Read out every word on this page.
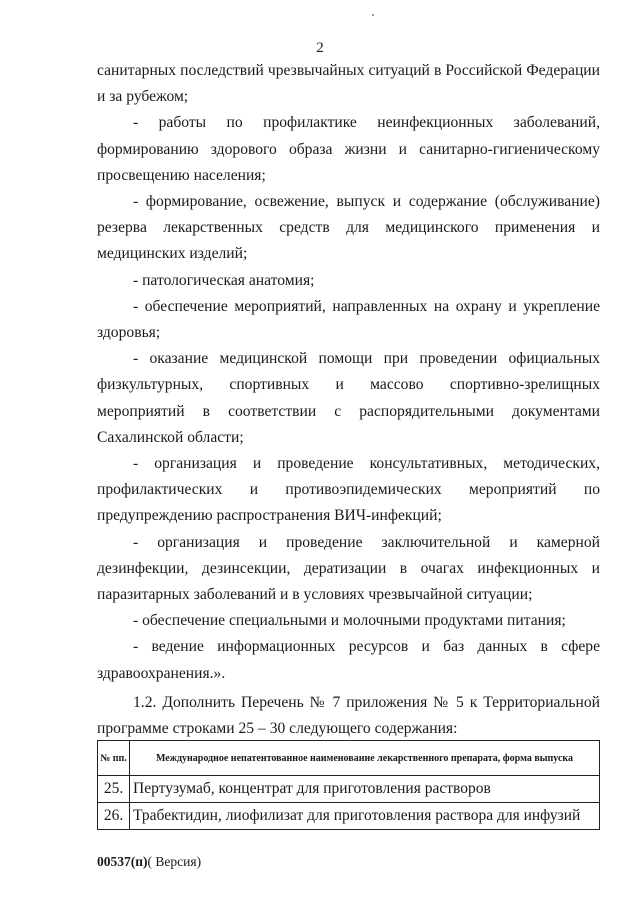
2

санитарных последствий чрезвычайных ситуаций в Российской Федерации и за рубежом;

- работы по профилактике неинфекционных заболеваний, формированию здорового образа жизни и санитарно-гигиеническому просвещению населения;

- формирование, освежение, выпуск и содержание (обслуживание) резерва лекарственных средств для медицинского применения и медицинских изделий;

- патологическая анатомия;

- обеспечение мероприятий, направленных на охрану и укрепление здоровья;

- оказание медицинской помощи при проведении официальных физкультурных, спортивных и массово спортивно-зрелищных мероприятий в соответствии с распорядительными документами Сахалинской области;

- организация и проведение консультативных, методических, профилактических и противоэпидемических мероприятий по предупреждению распространения ВИЧ-инфекций;

- организация и проведение заключительной и камерной дезинфекции, дезинсекции, дератизации в очагах инфекционных и паразитарных заболеваний и в условиях чрезвычайной ситуации;

- обеспечение специальными и молочными продуктами питания;

- ведение информационных ресурсов и баз данных в сфере здравоохранения.».

1.2. Дополнить Перечень № 7 приложения № 5 к Территориальной программе строками 25 – 30 следующего содержания:

№ пп.	Международное непатентованное наименование лекарственного препарата, форма выпуска
25.	Пертузумаб, концентрат для приготовления растворов
26.	Трабектидин, лиофилизат для приготовления раствора для инфузий
00537(п)( Версия)
